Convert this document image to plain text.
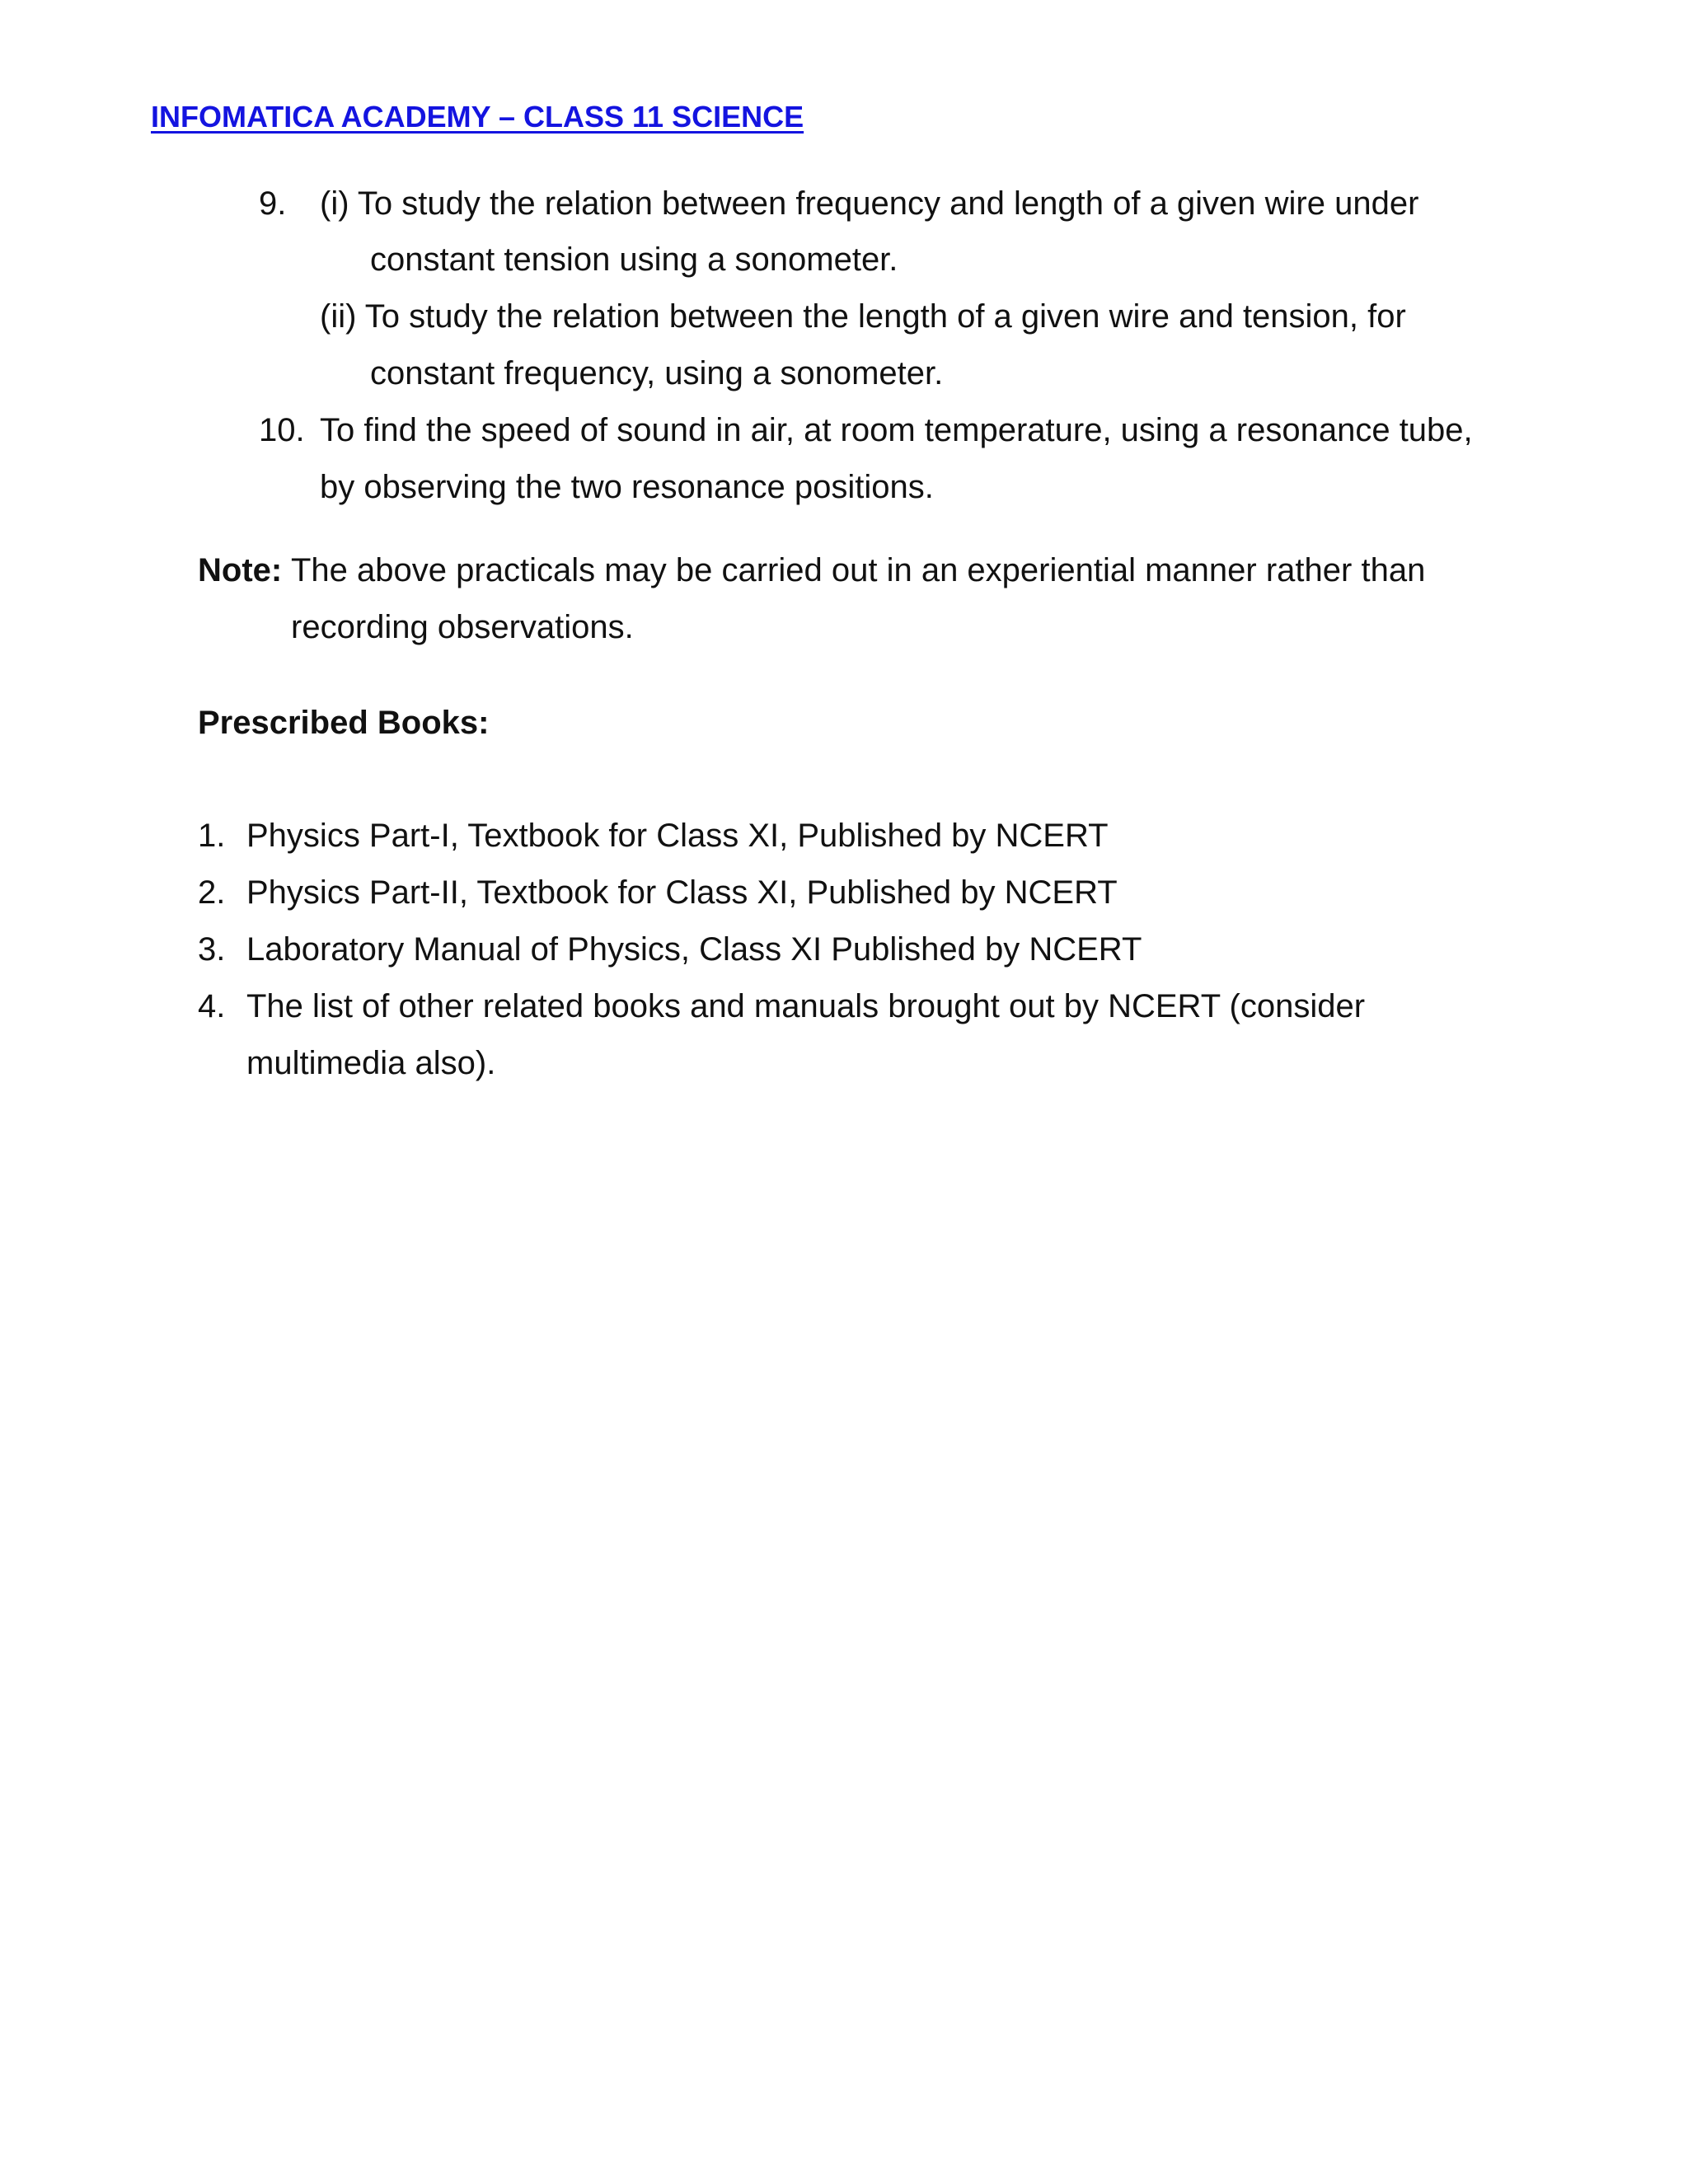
INFOMATICA ACADEMY – CLASS 11 SCIENCE
9. (i) To study the relation between frequency and length of a given wire under
constant tension using a sonometer.
(ii) To study the relation between the length of a given wire and tension, for
constant frequency, using a sonometer.
10. To find the speed of sound in air, at room temperature, using a resonance tube,
by observing the two resonance positions.
Note: The above practicals may be carried out in an experiential manner rather than
recording observations.
Prescribed Books:
1. Physics Part-I, Textbook for Class XI, Published by NCERT
2. Physics Part-II, Textbook for Class XI, Published by NCERT
3. Laboratory Manual of Physics, Class XI Published by NCERT
4. The list of other related books and manuals brought out by NCERT (consider
multimedia also).
